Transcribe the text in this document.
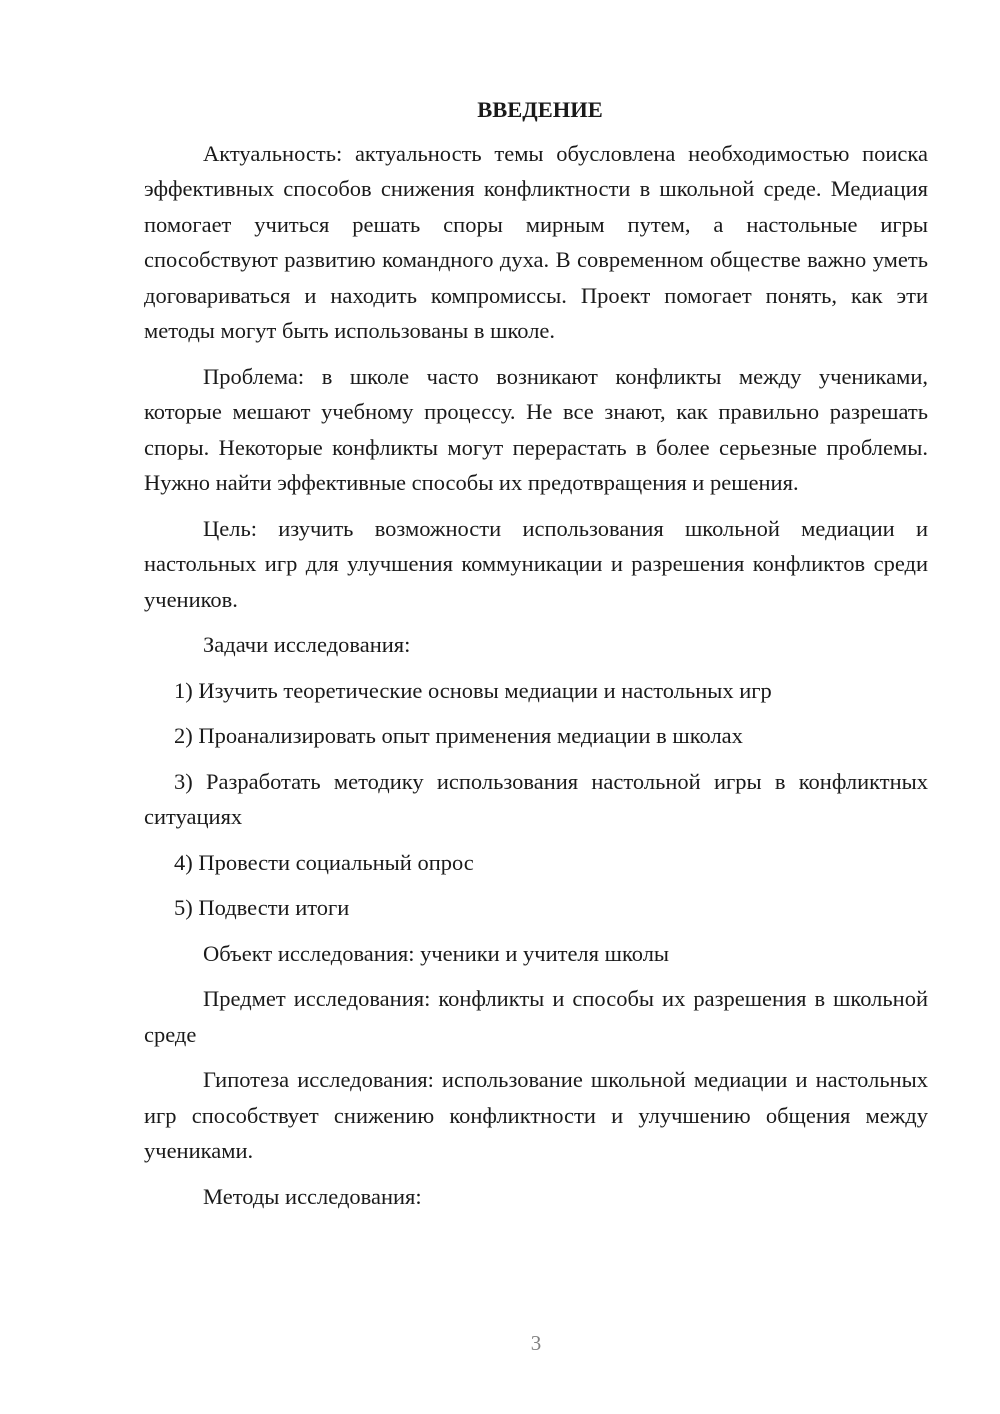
ВВЕДЕНИЕ

Актуальность: актуальность темы обусловлена необходимостью поиска эффективных способов снижения конфликтности в школьной среде. Медиация помогает учиться решать споры мирным путем, а настольные игры способствуют развитию командного духа. В современном обществе важно уметь договариваться и находить компромиссы. Проект помогает понять, как эти методы могут быть использованы в школе.

Проблема: в школе часто возникают конфликты между учениками, которые мешают учебному процессу. Не все знают, как правильно разрешать споры. Некоторые конфликты могут перерастать в более серьезные проблемы. Нужно найти эффективные способы их предотвращения и решения.

Цель: изучить возможности использования школьной медиации и настольных игр для улучшения коммуникации и разрешения конфликтов среди учеников.

Задачи исследования:

1) Изучить теоретические основы медиации и настольных игр

2) Проанализировать опыт применения медиации в школах

3) Разработать методику использования настольной игры в конфликтных ситуациях

4) Провести социальный опрос

5) Подвести итоги

Объект исследования: ученики и учителя школы

Предмет исследования: конфликты и способы их разрешения в школьной среде

Гипотеза исследования: использование школьной медиации и настольных игр способствует снижению конфликтности и улучшению общения между учениками.

Методы исследования:

3
